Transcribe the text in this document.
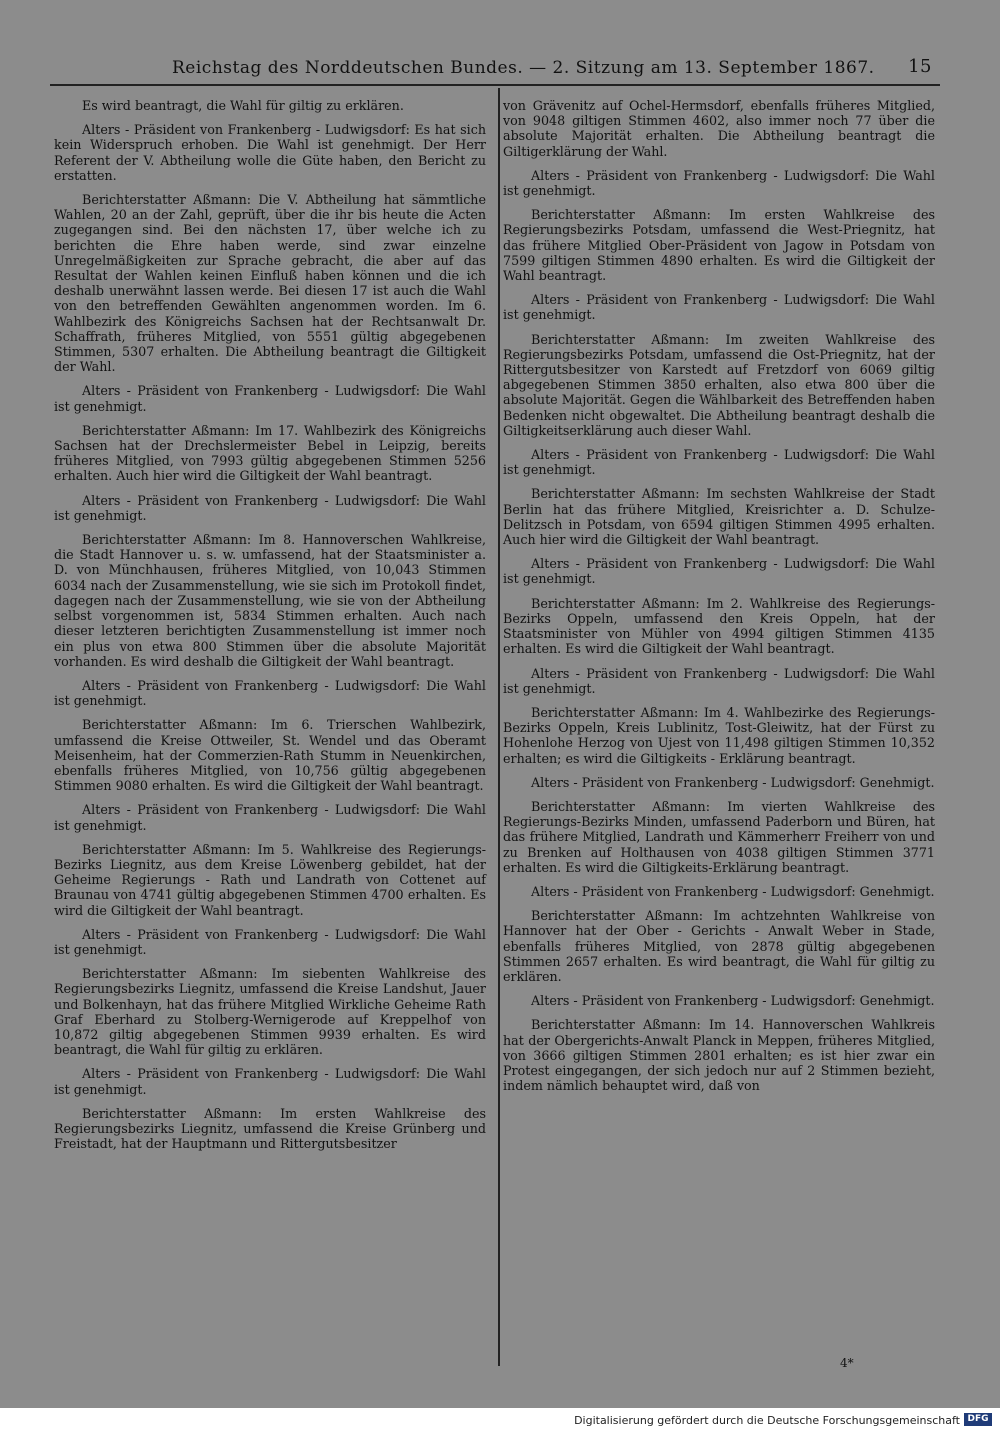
Reichstag des Norddeutschen Bundes. — 2. Sitzung am 13. September 1867. 15

Es wird beantragt, die Wahl für giltig zu erklären.

Alters - Präsident von Frankenberg - Ludwigsdorf: Es hat sich kein Widerspruch erhoben. Die Wahl ist genehmigt. Der Herr Referent der V. Abtheilung wolle die Güte haben, den Bericht zu erstatten.

Berichterstatter Aßmann: Die V. Abtheilung hat sämmtliche Wahlen, 20 an der Zahl, geprüft, über die ihr bis heute die Acten zugegangen sind. Bei den nächsten 17, über welche ich zu berichten die Ehre haben werde, sind zwar einzelne Unregelmäßigkeiten zur Sprache gebracht, die aber auf das Resultat der Wahlen keinen Einfluß haben können und die ich deshalb unerwähnt lassen werde. Bei diesen 17 ist auch die Wahl von den betreffenden Gewählten angenommen worden. Im 6. Wahlbezirk des Königreichs Sachsen hat der Rechtsanwalt Dr. Schaffrath, früheres Mitglied, von 5551 gültig abgegebenen Stimmen, 5307 erhalten. Die Abtheilung beantragt die Giltigkeit der Wahl.

Alters - Präsident von Frankenberg - Ludwigsdorf: Die Wahl ist genehmigt.

Berichterstatter Aßmann: Im 17. Wahlbezirk des Königreichs Sachsen hat der Drechslermeister Bebel in Leipzig, bereits früheres Mitglied, von 7993 gültig abgegebenen Stimmen 5256 erhalten. Auch hier wird die Giltigkeit der Wahl beantragt.

Alters - Präsident von Frankenberg - Ludwigsdorf: Die Wahl ist genehmigt.

Berichterstatter Aßmann: Im 8. Hannoverschen Wahlkreise, die Stadt Hannover u. s. w. umfassend, hat der Staatsminister a. D. von Münchhausen, früheres Mitglied, von 10,043 Stimmen 6034 nach der Zusammenstellung, wie sie sich im Protokoll findet, dagegen nach der Zusammenstellung, wie sie von der Abtheilung selbst vorgenommen ist, 5834 Stimmen erhalten. Auch nach dieser letzteren berichtigten Zusammenstellung ist immer noch ein plus von etwa 800 Stimmen über die absolute Majorität vorhanden. Es wird deshalb die Giltigkeit der Wahl beantragt.

Alters - Präsident von Frankenberg - Ludwigsdorf: Die Wahl ist genehmigt.

Berichterstatter Aßmann: Im 6. Trierschen Wahlbezirk, umfassend die Kreise Ottweiler, St. Wendel und das Oberamt Meisenheim, hat der Commerzien-Rath Stumm in Neuenkirchen, ebenfalls früheres Mitglied, von 10,756 gültig abgegebenen Stimmen 9080 erhalten. Es wird die Giltigkeit der Wahl beantragt.

Alters - Präsident von Frankenberg - Ludwigsdorf: Die Wahl ist genehmigt.

Berichterstatter Aßmann: Im 5. Wahlkreise des Regierungs-Bezirks Liegnitz, aus dem Kreise Löwenberg gebildet, hat der Geheime Regierungs - Rath und Landrath von Cottenet auf Braunau von 4741 gültig abgegebenen Stimmen 4700 erhalten. Es wird die Giltigkeit der Wahl beantragt.

Alters - Präsident von Frankenberg - Ludwigsdorf: Die Wahl ist genehmigt.

Berichterstatter Aßmann: Im siebenten Wahlkreise des Regierungsbezirks Liegnitz, umfassend die Kreise Landshut, Jauer und Bolkenhayn, hat das frühere Mitglied Wirkliche Geheime Rath Graf Eberhard zu Stolberg-Wernigerode auf Kreppelhof von 10,872 giltig abgegebenen Stimmen 9939 erhalten. Es wird beantragt, die Wahl für giltig zu erklären.

Alters - Präsident von Frankenberg - Ludwigsdorf: Die Wahl ist genehmigt.

Berichterstatter Aßmann: Im ersten Wahlkreise des Regierungsbezirks Liegnitz, umfassend die Kreise Grünberg und Freistadt, hat der Hauptmann und Rittergutsbesitzer

von Grävenitz auf Ochel-Hermsdorf, ebenfalls früheres Mitglied, von 9048 giltigen Stimmen 4602, also immer noch 77 über die absolute Majorität erhalten. Die Abtheilung beantragt die Giltigerklärung der Wahl.

Alters - Präsident von Frankenberg - Ludwigsdorf: Die Wahl ist genehmigt.

Berichterstatter Aßmann: Im ersten Wahlkreise des Regierungsbezirks Potsdam, umfassend die West-Priegnitz, hat das frühere Mitglied Ober-Präsident von Jagow in Potsdam von 7599 giltigen Stimmen 4890 erhalten. Es wird die Giltigkeit der Wahl beantragt.

Alters - Präsident von Frankenberg - Ludwigsdorf: Die Wahl ist genehmigt.

Berichterstatter Aßmann: Im zweiten Wahlkreise des Regierungsbezirks Potsdam, umfassend die Ost-Priegnitz, hat der Rittergutsbesitzer von Karstedt auf Fretzdorf von 6069 giltig abgegebenen Stimmen 3850 erhalten, also etwa 800 über die absolute Majorität. Gegen die Wählbarkeit des Betreffenden haben Bedenken nicht obgewaltet. Die Abtheilung beantragt deshalb die Giltigkeitserklärung auch dieser Wahl.

Alters - Präsident von Frankenberg - Ludwigsdorf: Die Wahl ist genehmigt.

Berichterstatter Aßmann: Im sechsten Wahlkreise der Stadt Berlin hat das frühere Mitglied, Kreisrichter a. D. Schulze-Delitzsch in Potsdam, von 6594 giltigen Stimmen 4995 erhalten. Auch hier wird die Giltigkeit der Wahl beantragt.

Alters - Präsident von Frankenberg - Ludwigsdorf: Die Wahl ist genehmigt.

Berichterstatter Aßmann: Im 2. Wahlkreise des Regierungs-Bezirks Oppeln, umfassend den Kreis Oppeln, hat der Staatsminister von Mühler von 4994 giltigen Stimmen 4135 erhalten. Es wird die Giltigkeit der Wahl beantragt.

Alters - Präsident von Frankenberg - Ludwigsdorf: Die Wahl ist genehmigt.

Berichterstatter Aßmann: Im 4. Wahlbezirke des Regierungs-Bezirks Oppeln, Kreis Lublinitz, Tost-Gleiwitz, hat der Fürst zu Hohenlohe Herzog von Ujest von 11,498 giltigen Stimmen 10,352 erhalten; es wird die Giltigkeits - Erklärung beantragt.

Alters - Präsident von Frankenberg - Ludwigsdorf: Genehmigt.

Berichterstatter Aßmann: Im vierten Wahlkreise des Regierungs-Bezirks Minden, umfassend Paderborn und Büren, hat das frühere Mitglied, Landrath und Kämmerherr Freiherr von und zu Brenken auf Holthausen von 4038 giltigen Stimmen 3771 erhalten. Es wird die Giltigkeits-Erklärung beantragt.

Alters - Präsident von Frankenberg - Ludwigsdorf: Genehmigt.

Berichterstatter Aßmann: Im achtzehnten Wahlkreise von Hannover hat der Ober - Gerichts - Anwalt Weber in Stade, ebenfalls früheres Mitglied, von 2878 gültig abgegebenen Stimmen 2657 erhalten. Es wird beantragt, die Wahl für giltig zu erklären.

Alters - Präsident von Frankenberg - Ludwigsdorf: Genehmigt.

Berichterstatter Aßmann: Im 14. Hannoverschen Wahlkreis hat der Obergerichts-Anwalt Planck in Meppen, früheres Mitglied, von 3666 giltigen Stimmen 2801 erhalten; es ist hier zwar ein Protest eingegangen, der sich jedoch nur auf 2 Stimmen bezieht, indem nämlich behauptet wird, daß von

4*
Digitalisierung gefördert durch die Deutsche Forschungsgemeinschaft DFG
